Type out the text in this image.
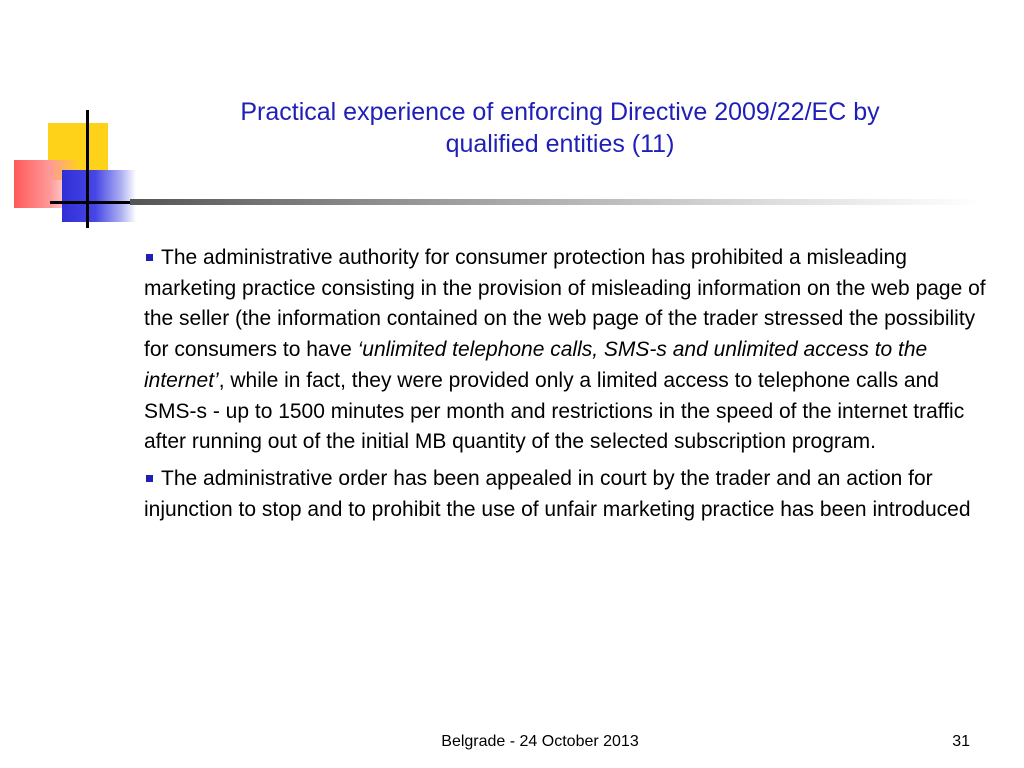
Practical experience of enforcing Directive 2009/22/EC by
qualified entities (11)

The administrative authority for consumer protection has prohibited a misleading marketing practice consisting in the provision of misleading information on the web page of the seller (the information contained on the web page of the trader stressed the possibility for consumers to have ‘unlimited telephone calls, SMS-s and unlimited access to the internet’, while in fact, they were provided only a limited access to telephone calls and SMS-s - up to 1500 minutes per month and restrictions in the speed of the internet traffic after running out of the initial MB quantity of the selected subscription program.

The administrative order has been appealed in court by the trader and an action for injunction to stop and to prohibit the use of unfair marketing practice has been introduced

Belgrade - 24 October 2013	31
